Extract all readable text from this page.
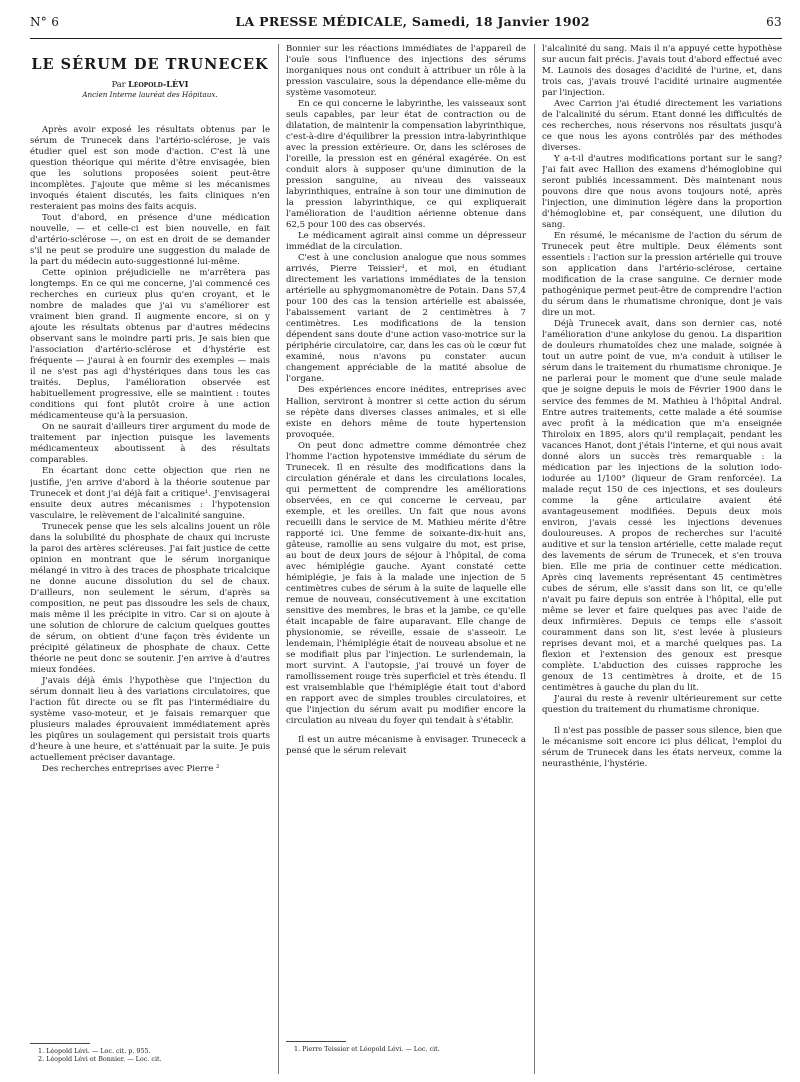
N° 6	LA PRESSE MÉDICALE, Samedi, 18 Janvier 1902	63
LE SÉRUM DE TRUNECEK
Par Léopold-LÉVI
Ancien Interne lauréat des Hôpitaux.

Après avoir exposé les résultats obtenus par le sérum de Trunecek dans l'artério-sclérose, je vais étudier quel est son mode d'action. C'est là une question théorique qui mérite d'être envisagée, bien que les solutions proposées soient peut-être incomplètes. J'ajoute que même si les mécanismes invoqués étaient discutés, les faits cliniques n'en resteraient pas moins des faits acquis.

Tout d'abord, en présence d'une médication nouvelle, — et celle-ci est bien nouvelle, en fait d'artério-sclérose —, on est en droit de se demander s'il ne peut se produire une suggestion du malade de la part du médecin auto-suggestionné lui-même.

Cette opinion préjudicielle ne m'arrêtera pas longtemps. En ce qui me concerne, j'ai commencé ces recherches en curieux plus qu'en croyant, et le nombre de malades que j'ai vu s'améliorer est vraiment bien grand. Il augmente encore, si on y ajoute les résultats obtenus par d'autres médecins observant sans le moindre parti pris. Je sais bien que l'association d'artério-sclérose et d'hystérie est fréquente — j'aurai à en fournir des exemples — mais il ne s'est pas agi d'hystériques dans tous les cas traités. Deplus, l'amélioration observée est habituellement progressive, elle se maintient : toutes conditions qui font plutôt croire à une action médicamenteuse qu'à la persuasion.

On ne saurait d'ailleurs tirer argument du mode de traitement par injection puisque les lavements médicamenteux aboutissent à des résultats comparables.

En écartant donc cette objection que rien ne justifie, j'en arrive d'abord à la théorie soutenue par Trunecek et dont j'ai déjà fait a critique¹. J'envisagerai ensuite deux autres mécanismes : l'hypotension vasculaire, le relèvement de l'alcalinité sanguine.

Trunecek pense que les sels alcalins jouent un rôle dans la solubilité du phosphate de chaux qui incruste la paroi des artères scléreuses. J'ai fait justice de cette opinion en montrant que le sérum inorganique mélangé in vitro à des traces de phosphate tricalcique ne donne aucune dissolution du sel de chaux. D'ailleurs, non seulement le sérum, d'après sa composition, ne peut pas dissoudre les sels de chaux, mais même il les précipite in vitro. Car si on ajoute à une solution de chlorure de calcium quelques gouttes de sérum, on obtient d'une façon très évidente un précipité gélatineux de phosphate de chaux. Cette théorie ne peut donc se soutenir. J'en arrive à d'autres mieux fondées.

J'avais déjà émis l'hypothèse que l'injection du sérum donnait lieu à des variations circulatoires, que l'action fût directe ou se fît pas l'intermédiaire du système vaso-moteur, et je faisais remarquer que plusieurs malades éprouvaient immédiatement après les piqûres un soulagement qui persistait trois quarts d'heure à une heure, et s'atténuait par la suite. Je puis actuellement préciser davantage.

Des recherches entreprises avec Pierre ²

1. Léopold Lévi. — Loc. cit. p. 955.

2. Léopold Lévi et Bonnier. — Loc. cit.

Bonnier sur les réactions immédiates de l'appareil de l'ouïe sous l'influence des injections des sérums inorganiques nous ont conduit à attribuer un rôle à la pression vasculaire, sous la dépendance elle-même du système vasomoteur.

En ce qui concerne le labyrinthe, les vaisseaux sont seuls capables, par leur état de contraction ou de dilatation, de maintenir la compensation labyrinthique, c'est-à-dire d'équilibrer la pression intra-labyrinthique avec la pression extérieure. Or, dans les scléroses de l'oreille, la pression est en général exagérée. On est conduit alors à supposer qu'une diminution de la pression sanguine, au niveau des vaisseaux labyrinthiques, entraîne à son tour une diminution de la pression labyrinthique, ce qui expliquerait l'amélioration de l'audition aérienne obtenue dans 62,5 pour 100 des cas observés.

Le médicament agirait ainsi comme un dépresseur immédiat de la circulation.

C'est à une conclusion analogue que nous sommes arrivés, Pierre Teissier¹, et moi, en étudiant directement les variations immédiates de la tension artérielle au sphygmomanomètre de Potain. Dans 57,4 pour 100 des cas la tension artérielle est abaissée, l'abaissement variant de 2 centimètres à 7 centimètres. Les modifications de la tension dépendent sans doute d'une action vaso-motrice sur la périphérie circulatoire, car, dans les cas où le cœur fut examiné, nous n'avons pu constater aucun changement appréciable de la matité absolue de l'organe.

Des expériences encore inédites, entreprises avec Hallion, serviront à montrer si cette action du sérum se répète dans diverses classes animales, et si elle existe en dehors même de toute hypertension provoquée.

On peut donc admettre comme démontrée chez l'homme l'action hypotensive immédiate du sérum de Trunecek. Il en résulte des modifications dans la circulation générale et dans les circulations locales, qui permettent de comprendre les améliorations observées, en ce qui concerne le cerveau, par exemple, et les oreilles. Un fait que nous avons recueilli dans le service de M. Mathieu mérite d'être rapporté ici. Une femme de soixante-dix-huit ans, gâteuse, ramollie au sens vulgaire du mot, est prise, au bout de deux jours de séjour à l'hôpital, de coma avec hémiplégie gauche. Ayant constaté cette hémiplégie, je fais à la malade une injection de 5 centimètres cubes de sérum à la suite de laquelle elle remue de nouveau, consécutivement à une excitation sensitive des membres, le bras et la jambe, ce qu'elle était incapable de faire auparavant. Elle change de physionomie, se réveille, essaie de s'asseoir. Le lendemain, l'hémiplégie était de nouveau absolue et ne se modifiait plus par l'injection. Le surlendemain, la mort survint. A l'autopsie, j'ai trouvé un foyer de ramollissement rouge très superficiel et très étendu. Il est vraisemblable que l'hémiplégie était tout d'abord en rapport avec de simples troubles circulatoires, et que l'injection du sérum avait pu modifier encore la circulation au niveau du foyer qui tendait à s'établir.

Il est un autre mécanisme à envisager. Trunececk a pensé que le sérum relevait

1. Pierre Teissier et Léopold Lévi. — Loc. cit.

l'alcalinité du sang. Mais il n'a appuyé cette hypothèse sur aucun fait précis. J'avais tout d'abord effectué avec M. Launois des dosages d'acidité de l'urine, et, dans trois cas, j'avais trouvé l'acidité urinaire augmentée par l'injection.

Avec Carrion j'ai étudié directement les variations de l'alcalinité du sérum. Etant donné les difficultés de ces recherches, nous réservons nos résultats jusqu'à ce que nous les ayons contrôlés par des méthodes diverses.

Y a-t-il d'autres modifications portant sur le sang? J'ai fait avec Hallion des examens d'hémoglobine qui seront publiés incessamment. Dès maintenant nous pouvons dire que nous avons toujours noté, après l'injection, une diminution légère dans la proportion d'hémoglobine et, par conséquent, une dilution du sang.

En résumé, le mécanisme de l'action du sérum de Trunecek peut être multiple. Deux éléments sont essentiels : l'action sur la pression artérielle qui trouve son application dans l'artério-sclérose, certaine modification de la crase sanguine. Ce dernier mode pathogénique permet peut-être de comprendre l'action du sérum dans le rhumatisme chronique, dont je vais dire un mot.

Déjà Trunecek avait, dans son dernier cas, noté l'amélioration d'une ankylose du genou. La disparition de douleurs rhumatoïdes chez une malade, soignée à tout un autre point de vue, m'a conduit à utiliser le sérum dans le traitement du rhumatisme chronique. Je ne parlerai pour le moment que d'une seule malade que je soigne depuis le mois de Février 1900 dans le service des femmes de M. Mathieu à l'hôpital Andral. Entre autres traitements, cette malade a été soumise avec profit à la médication que m'a enseignée Thiroloix en 1895, alors qu'il remplaçait, pendant les vacances Hanot, dont j'étais l'interne, et qui nous avait donné alors un succès très remarquable : la médication par les injections de la solution iodo-iodurée au 1/100° (liqueur de Gram renforcée). La malade reçut 150 de ces injections, et ses douleurs comme la gêne articulaire avaient été avantageusement modifiées. Depuis deux mois environ, j'avais cessé les injections devenues douloureuses. A propos de recherches sur l'acuité auditive et sur la tension artérielle, cette malade reçut des lavements de sérum de Trunecek, et s'en trouva bien. Elle me pria de continuer cette médication. Après cinq lavements représentant 45 centimètres cubes de sérum, elle s'assit dans son lit, ce qu'elle n'avait pu faire depuis son entrée à l'hôpital, elle put même se lever et faire quelques pas avec l'aide de deux infirmières. Depuis ce temps elle s'assoit couramment dans son lit, s'est levée à plusieurs reprises devant moi, et a marché quelques pas. La flexion et l'extension des genoux est presque complète. L'abduction des cuisses rapproche les genoux de 13 centimètres à droite, et de 15 centimètres à gauche du plan du lit.

J'aurai du reste à revenir ultérieurement sur cette question du traitement du rhumatisme chronique.

Il n'est pas possible de passer sous silence, bien que le mécanisme soit encore ici plus délicat, l'emploi du sérum de Trunecek dans les états nerveux, comme la neurasthénie, l'hystérie.
